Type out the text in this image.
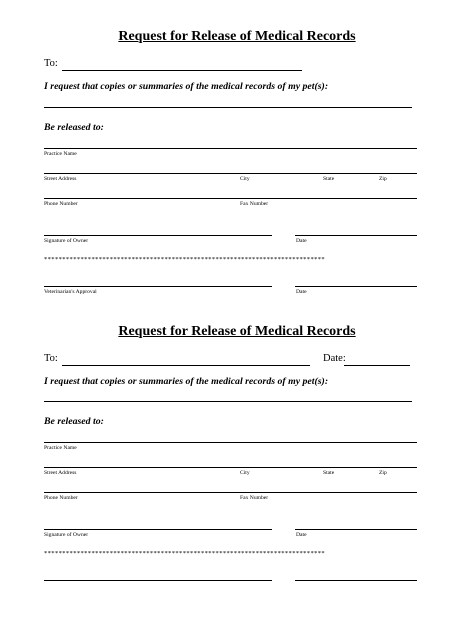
Request for Release of Medical Records
To:
I request that copies or summaries of the medical records of my pet(s):
Be released to:
Practice Name
Street Address	City	State	Zip
Phone Number	Fax Number
Signature of Owner	Date
*****************************************************************************
Veterinarian's Approval	Date
Request for Release of Medical Records
To:	Date:
I request that copies or summaries of the medical records of my pet(s):
Be released to:
Practice Name
Street Address	City	State	Zip
Phone Number	Fax Number
Signature of Owner	Date
*****************************************************************************
